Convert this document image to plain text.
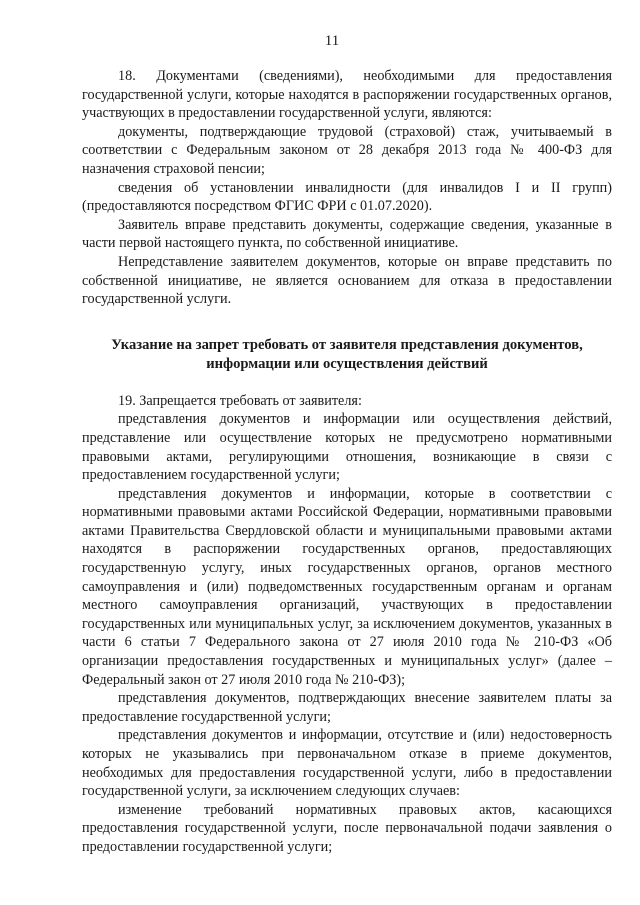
11

18. Документами (сведениями), необходимыми для предоставления государственной услуги, которые находятся в распоряжении государственных органов, участвующих в предоставлении государственной услуги, являются:

документы, подтверждающие трудовой (страховой) стаж, учитываемый в соответствии с Федеральным законом от 28 декабря 2013 года № 400-ФЗ для назначения страховой пенсии;

сведения об установлении инвалидности (для инвалидов I и II групп) (предоставляются посредством ФГИС ФРИ с 01.07.2020).

Заявитель вправе представить документы, содержащие сведения, указанные в части первой настоящего пункта, по собственной инициативе.

Непредставление заявителем документов, которые он вправе представить по собственной инициативе, не является основанием для отказа в предоставлении государственной услуги.

Указание на запрет требовать от заявителя представления документов,
информации или осуществления действий

19. Запрещается требовать от заявителя:

представления документов и информации или осуществления действий, представление или осуществление которых не предусмотрено нормативными правовыми актами, регулирующими отношения, возникающие в связи с предоставлением государственной услуги;

представления документов и информации, которые в соответствии с нормативными правовыми актами Российской Федерации, нормативными правовыми актами Правительства Свердловской области и муниципальными правовыми актами находятся в распоряжении государственных органов, предоставляющих государственную услугу, иных государственных органов, органов местного самоуправления и (или) подведомственных государственным органам и органам местного самоуправления организаций, участвующих в предоставлении государственных или муниципальных услуг, за исключением документов, указанных в части 6 статьи 7 Федерального закона от 27 июля 2010 года № 210-ФЗ «Об организации предоставления государственных и муниципальных услуг» (далее – Федеральный закон от 27 июля 2010 года № 210-ФЗ);

представления документов, подтверждающих внесение заявителем платы за предоставление государственной услуги;

представления документов и информации, отсутствие и (или) недостоверность которых не указывались при первоначальном отказе в приеме документов, необходимых для предоставления государственной услуги, либо в предоставлении государственной услуги, за исключением следующих случаев:

изменение требований нормативных правовых актов, касающихся предоставления государственной услуги, после первоначальной подачи заявления о предоставлении государственной услуги;
